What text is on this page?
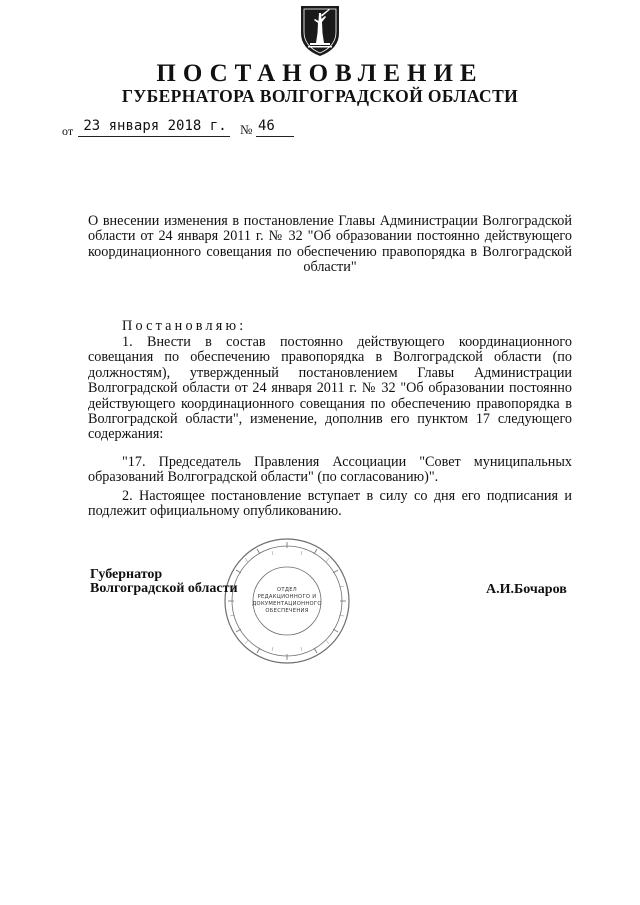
ПОСТАНОВЛЕНИЕ
ГУБЕРНАТОРА ВОЛГОГРАДСКОЙ ОБЛАСТИ
от 23 января 2018 г. № 46
О внесении изменения в постановление Главы Администрации Волгоградской области от 24 января 2011 г. № 32 "Об образовании постоянно действующего координационного совещания по обеспечению правопорядка в Волгоградской области"
Постановляю:
1. Внести в состав постоянно действующего координационного совещания по обеспечению правопорядка в Волгоградской области (по должностям), утвержденный постановлением Главы Администрации Волгоградской области от 24 января 2011 г. № 32 "Об образовании постоянно действующего координационного совещания по обеспечению правопорядка в Волгоградской области", изменение, дополнив его пунктом 17 следующего содержания:
"17. Председатель Правления Ассоциации "Совет муниципальных образований Волгоградской области" (по согласованию)".
2. Настоящее постановление вступает в силу со дня его подписания и подлежит официальному опубликованию.
ОТДЕЛ
РЕДАКЦИОННОГО И
ДОКУМЕНТАЦИОННОГО
ОБЕСПЕЧЕНИЯ
Губернатор
Волгоградской области	А.И.Бочаров
